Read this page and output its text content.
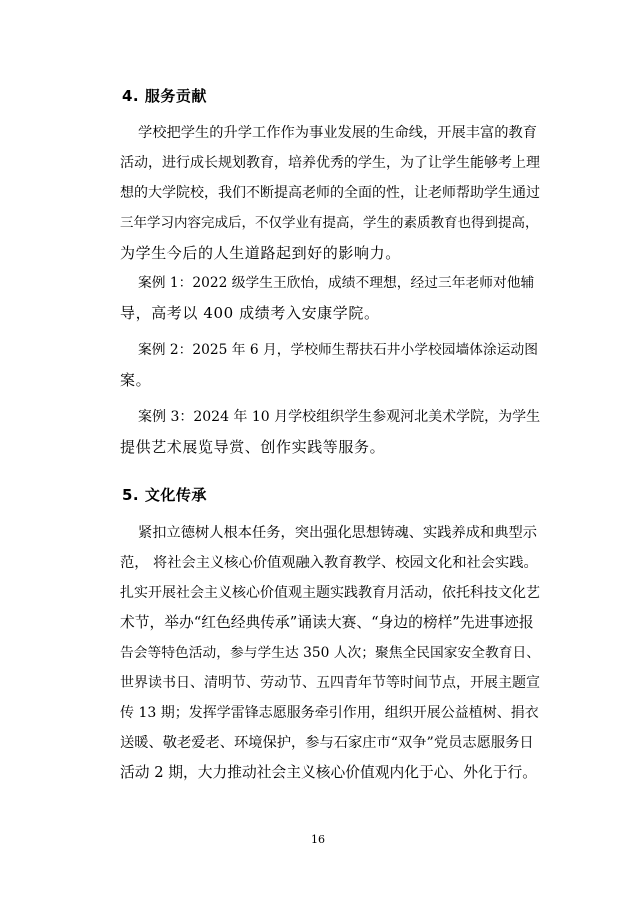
4. 服务贡献
学校把学生的升学工作作为事业发展的生命线，开展丰富的教育
活动，进行成长规划教育，培养优秀的学生，为了让学生能够考上理
想的大学院校，我们不断提高老师的全面的性，让老师帮助学生通过
三年学习内容完成后，不仅学业有提高，学生的素质教育也得到提高，
为学生今后的人生道路起到好的影响力。
案例 1：2022 级学生王欣怡，成绩不理想，经过三年老师对他辅
导，高考以 400 成绩考入安康学院。
案例 2：2025 年 6 月，学校师生帮扶石井小学校园墙体涂运动图
案。
案例 3：2024 年 10 月学校组织学生参观河北美术学院，为学生
提供艺术展览导赏、创作实践等服务。
5. 文化传承
紧扣立德树人根本任务，突出强化思想铸魂、实践养成和典型示
范， 将社会主义核心价值观融入教育教学、校园文化和社会实践。
扎实开展社会主义核心价值观主题实践教育月活动，依托科技文化艺
术节，举办“红色经典传承”诵读大赛、“身边的榜样”先进事迹报
告会等特色活动，参与学生达 350 人次；聚焦全民国家安全教育日、
世界读书日、清明节、劳动节、五四青年节等时间节点，开展主题宣
传 13 期；发挥学雷锋志愿服务牵引作用，组织开展公益植树、捐衣
送暖、敬老爱老、环境保护，参与石家庄市“双争”党员志愿服务日
活动 2 期，大力推动社会主义核心价值观内化于心、外化于行。
16
